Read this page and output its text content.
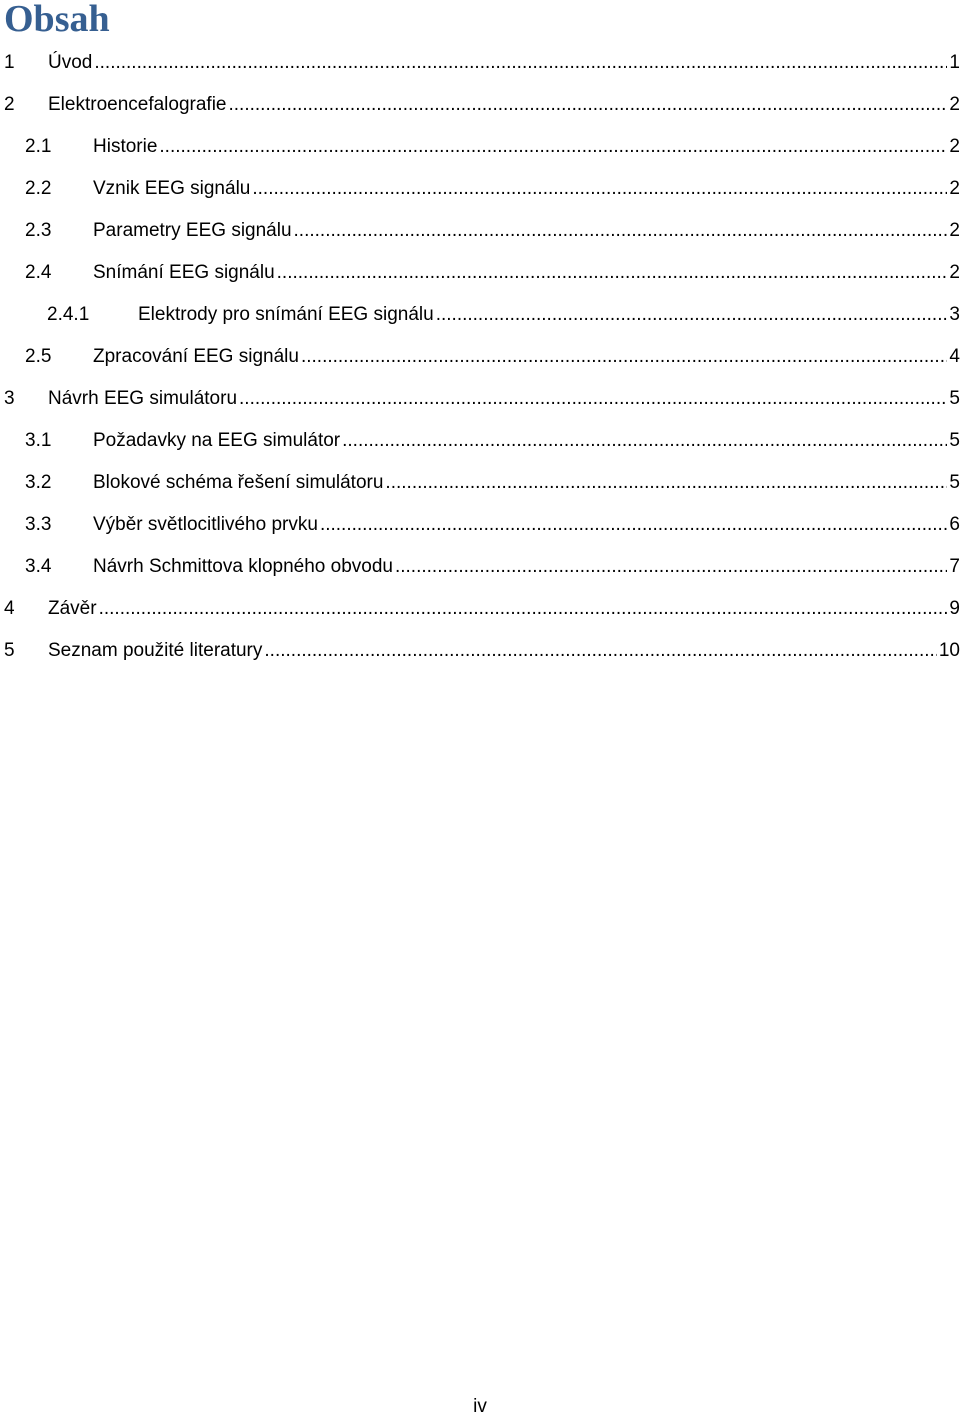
Obsah
1 Úvod .....	1
2 Elektroencefalografie .....	2
2.1 Historie .....	2
2.2 Vznik EEG signálu .....	2
2.3 Parametry EEG signálu .....	2
2.4 Snímání EEG signálu .....	2
2.4.1	Elektrody pro snímání EEG signálu .....	3
2.5 Zpracování EEG signálu .....	4
3 Návrh EEG simulátoru .....	5
3.1 Požadavky na EEG simulátor .....	5
3.2 Blokové schéma řešení simulátoru .....	5
3.3 Výběr světlocitlivého prvku .....	6
3.4 Návrh Schmittova klopného obvodu .....	7
4 Závěr .....	9
5 Seznam použité literatury .....	10
iv
